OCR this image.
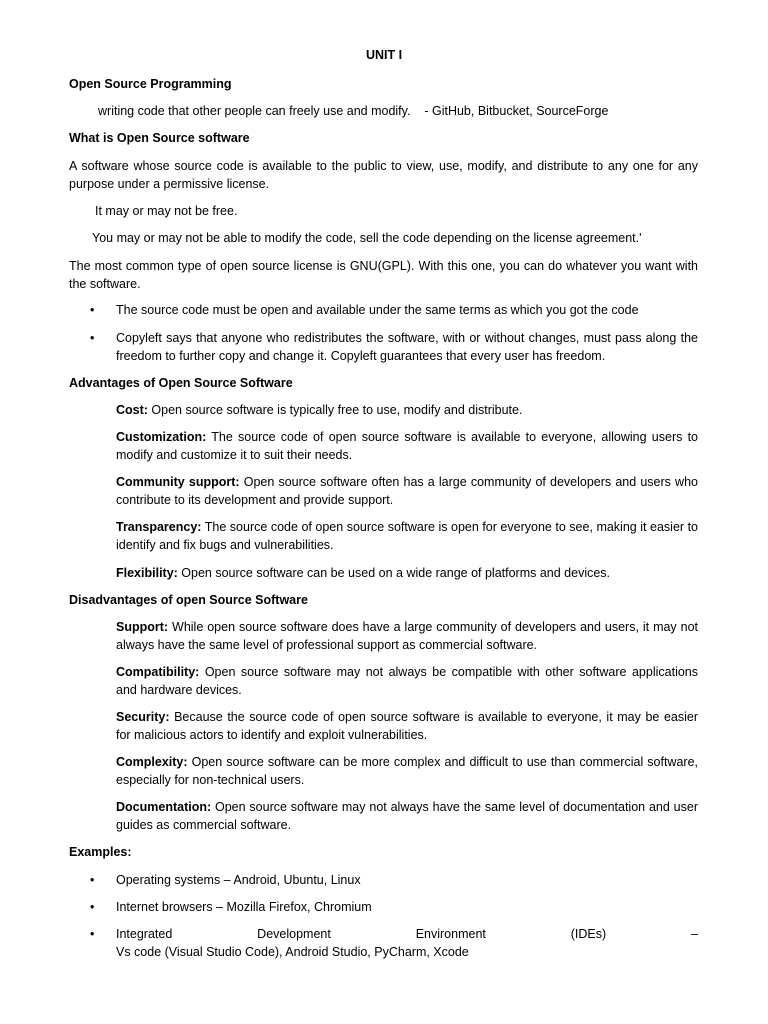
UNIT I

Open Source Programming

writing code that other people can freely use and modify.    - GitHub, Bitbucket, SourceForge

What is Open Source software

A software whose source code is available to the public to view, use, modify, and distribute to any one for any purpose under a permissive license.

It may or may not be free.

You may or may not be able to modify the code, sell the code depending on the license agreement.'

The most common type of open source license is GNU(GPL). With this one, you can do whatever you want with the software.

•	The source code must be open and available under the same terms as which you got the code

•	Copyleft says that anyone who redistributes the software, with or without changes, must pass along the freedom to further copy and change it. Copyleft guarantees that every user has freedom.

Advantages of Open Source Software

Cost: Open source software is typically free to use, modify and distribute.

Customization: The source code of open source software is available to everyone, allowing users to modify and customize it to suit their needs.

Community support: Open source software often has a large community of developers and users who contribute to its development and provide support.

Transparency: The source code of open source software is open for everyone to see, making it easier to identify and fix bugs and vulnerabilities.

Flexibility: Open source software can be used on a wide range of platforms and devices.

Disadvantages of open Source Software

Support: While open source software does have a large community of developers and users, it may not always have the same level of professional support as commercial software.

Compatibility: Open source software may not always be compatible with other software applications and hardware devices.

Security: Because the source code of open source software is available to everyone, it may be easier for malicious actors to identify and exploit vulnerabilities.

Complexity: Open source software can be more complex and difficult to use than commercial software, especially for non-technical users.

Documentation: Open source software may not always have the same level of documentation and user guides as commercial software.

Examples:

•	Operating systems – Android, Ubuntu, Linux

•	Internet browsers – Mozilla Firefox, Chromium

•	Integrated Development Environment (IDEs) –

Vs code (Visual Studio Code), Android Studio, PyCharm, Xcode
